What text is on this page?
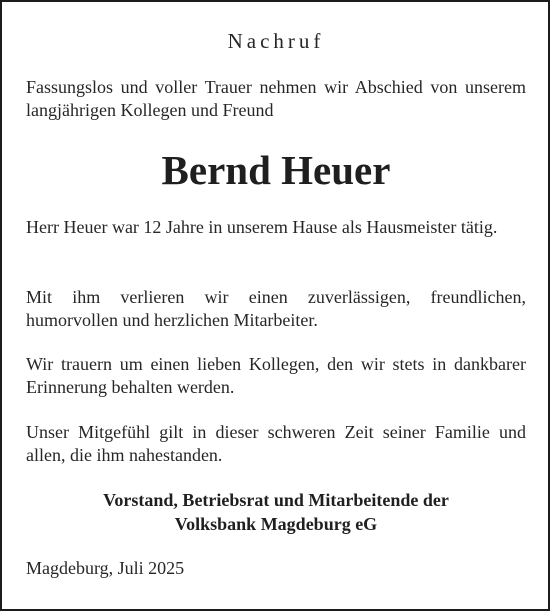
Nachruf
Fassungslos und voller Trauer nehmen wir Abschied von unserem langjährigen Kollegen und Freund
Bernd Heuer
Herr Heuer war 12 Jahre in unserem Hause als Hausmeister tätig.
Mit ihm verlieren wir einen zuverlässigen, freundlichen, humorvollen und herzlichen Mitarbeiter.
Wir trauern um einen lieben Kollegen, den wir stets in dankbarer Erinnerung behalten werden.
Unser Mitgefühl gilt in dieser schweren Zeit seiner Familie und allen, die ihm nahestanden.
Vorstand, Betriebsrat und Mitarbeitende der
Volksbank Magdeburg eG
Magdeburg, Juli 2025
